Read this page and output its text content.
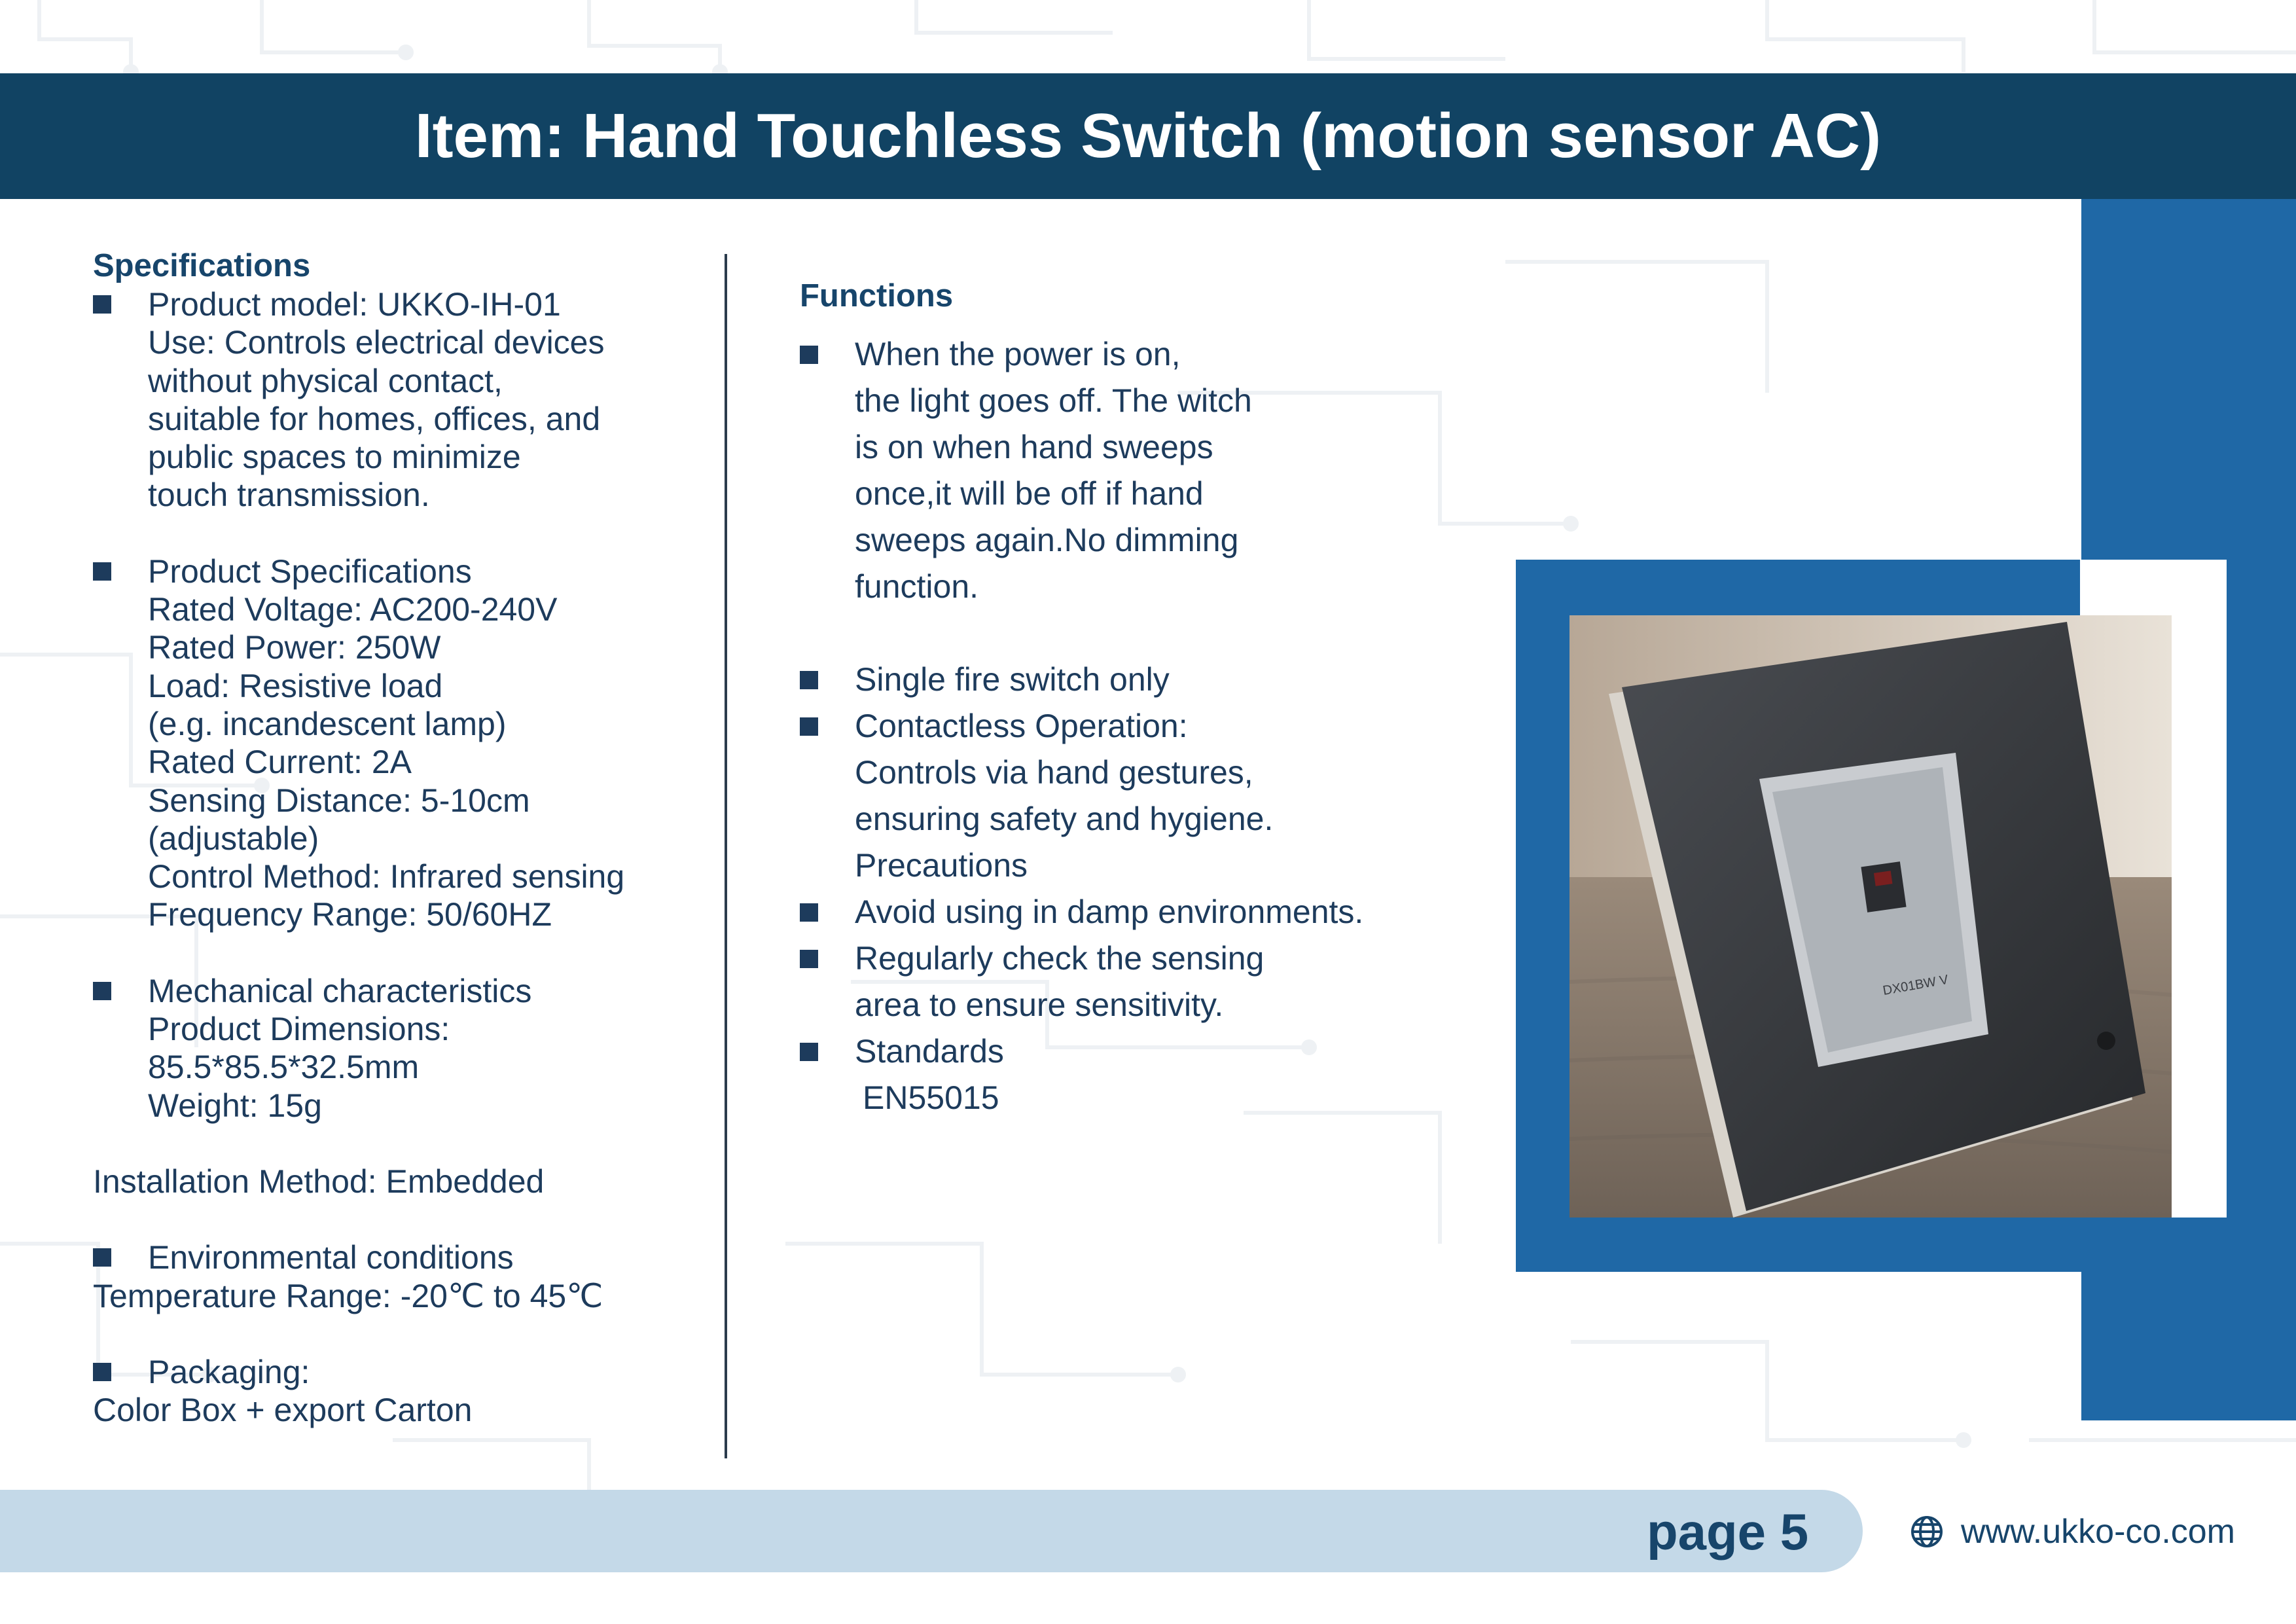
Item: Hand Touchless Switch (motion sensor AC)
DX01BW V
Specifications
Product model: UKKO-IH-01
Use: Controls electrical devices
without physical contact,
suitable for homes, offices, and
public spaces to minimize
touch transmission.
Product Specifications
Rated Voltage: AC200-240V
Rated Power: 250W
Load: Resistive load
(e.g. incandescent lamp)
Rated Current: 2A
Sensing Distance: 5-10cm
(adjustable)
Control Method: Infrared sensing
Frequency Range: 50/60HZ
Mechanical characteristics
Product Dimensions:
85.5*85.5*32.5mm
Weight: 15g
Installation Method: Embedded
Environmental conditions
Temperature Range: -20℃ to 45℃
Packaging:
Color Box + export Carton
Functions
When the power is on,
the light goes off. The witch
is on when hand sweeps
once,it will be off if hand
sweeps again.No dimming
function.
Single fire switch only
Contactless Operation:
Controls via hand gestures,
ensuring safety and hygiene.
Precautions
Avoid using in damp environments.
Regularly check the sensing
area to ensure sensitivity.
Standards
EN55015
page 5	www.ukko-co.com
